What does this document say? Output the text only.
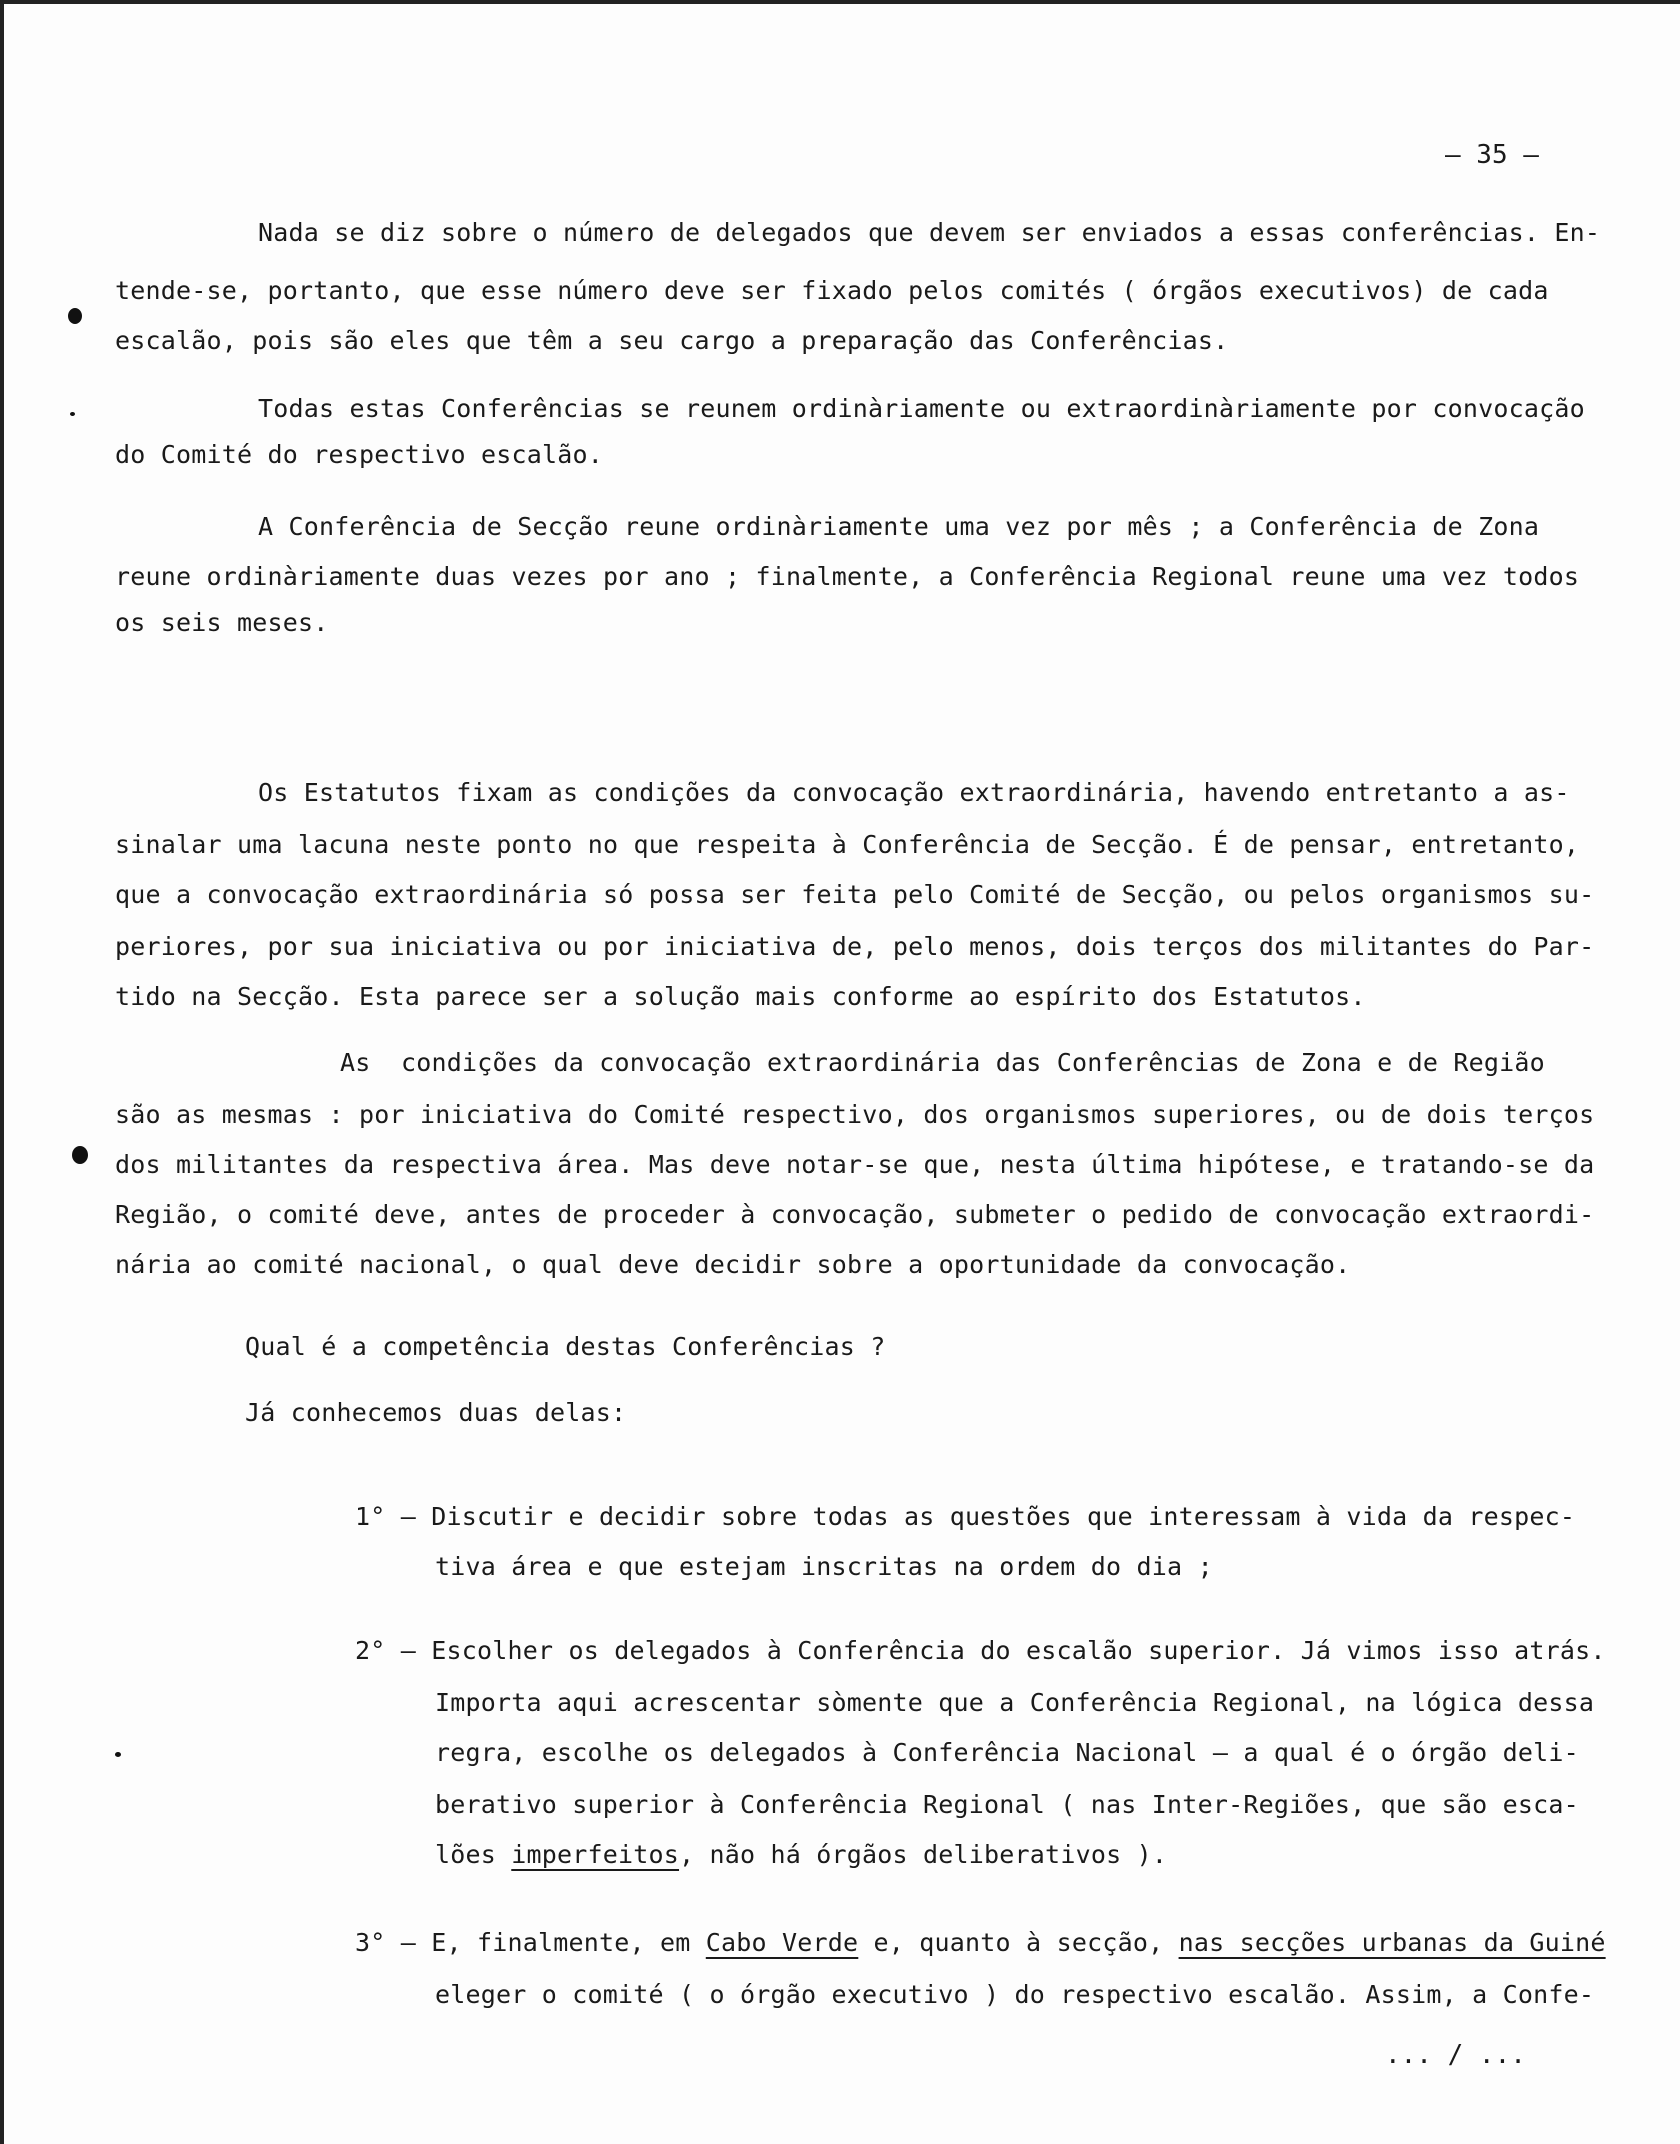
– 35 –
Nada se diz sobre o número de delegados que devem ser enviados a essas conferências. En-
tende-se, portanto, que esse número deve ser fixado pelos comités ( órgãos executivos) de cada
escalão, pois são eles que têm a seu cargo a preparação das Conferências.
Todas estas Conferências se reunem ordinàriamente ou extraordinàriamente por convocação
do Comité do respectivo escalão.
A Conferência de Secção reune ordinàriamente uma vez por mês ; a Conferência de Zona
reune ordinàriamente duas vezes por ano ; finalmente, a Conferência Regional reune uma vez todos
os seis meses.
Os Estatutos fixam as condições da convocação extraordinária, havendo entretanto a as-
sinalar uma lacuna neste ponto no que respeita à Conferência de Secção. É de pensar, entretanto,
que a convocação extraordinária só possa ser feita pelo Comité de Secção, ou pelos organismos su-
periores, por sua iniciativa ou por iniciativa de, pelo menos, dois terços dos militantes do Par-
tido na Secção. Esta parece ser a solução mais conforme ao espírito dos Estatutos.
As  condições da convocação extraordinária das Conferências de Zona e de Região
são as mesmas : por iniciativa do Comité respectivo, dos organismos superiores, ou de dois terços
dos militantes da respectiva área. Mas deve notar-se que, nesta última hipótese, e tratando-se da
Região, o comité deve, antes de proceder à convocação, submeter o pedido de convocação extraordi-
nária ao comité nacional, o qual deve decidir sobre a oportunidade da convocação.
Qual é a competência destas Conferências ?
Já conhecemos duas delas:
1° – Discutir e decidir sobre todas as questões que interessam à vida da respec-
tiva área e que estejam inscritas na ordem do dia ;
2° – Escolher os delegados à Conferência do escalão superior. Já vimos isso atrás.
Importa aqui acrescentar sòmente que a Conferência Regional, na lógica dessa
regra, escolhe os delegados à Conferência Nacional – a qual é o órgão deli-
berativo superior à Conferência Regional ( nas Inter-Regiões, que são esca-
lões imperfeitos, não há órgãos deliberativos ).
3° – E, finalmente, em Cabo Verde e, quanto à secção, nas secções urbanas da Guiné
eleger o comité ( o órgão executivo ) do respectivo escalão. Assim, a Confe-
... / ...
